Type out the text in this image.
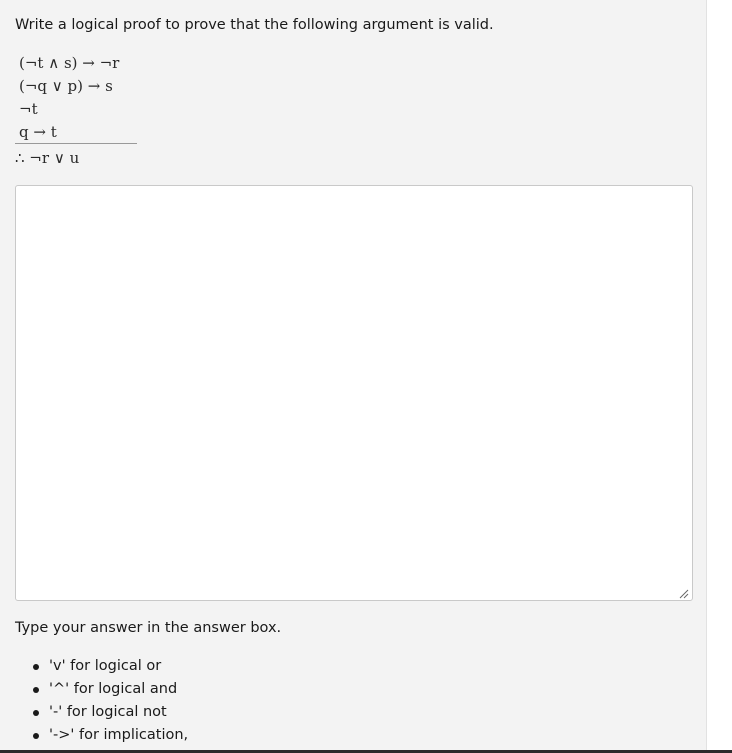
Write a logical proof to prove that the following argument is valid.
(¬t ∧ s) → ¬r
(¬q ∨ p) → s
¬t
q → t
∴ ¬r ∨ u
Type your answer in the answer box.
'v' for logical or
'^' for logical and
'-' for logical not
'->' for implication,
